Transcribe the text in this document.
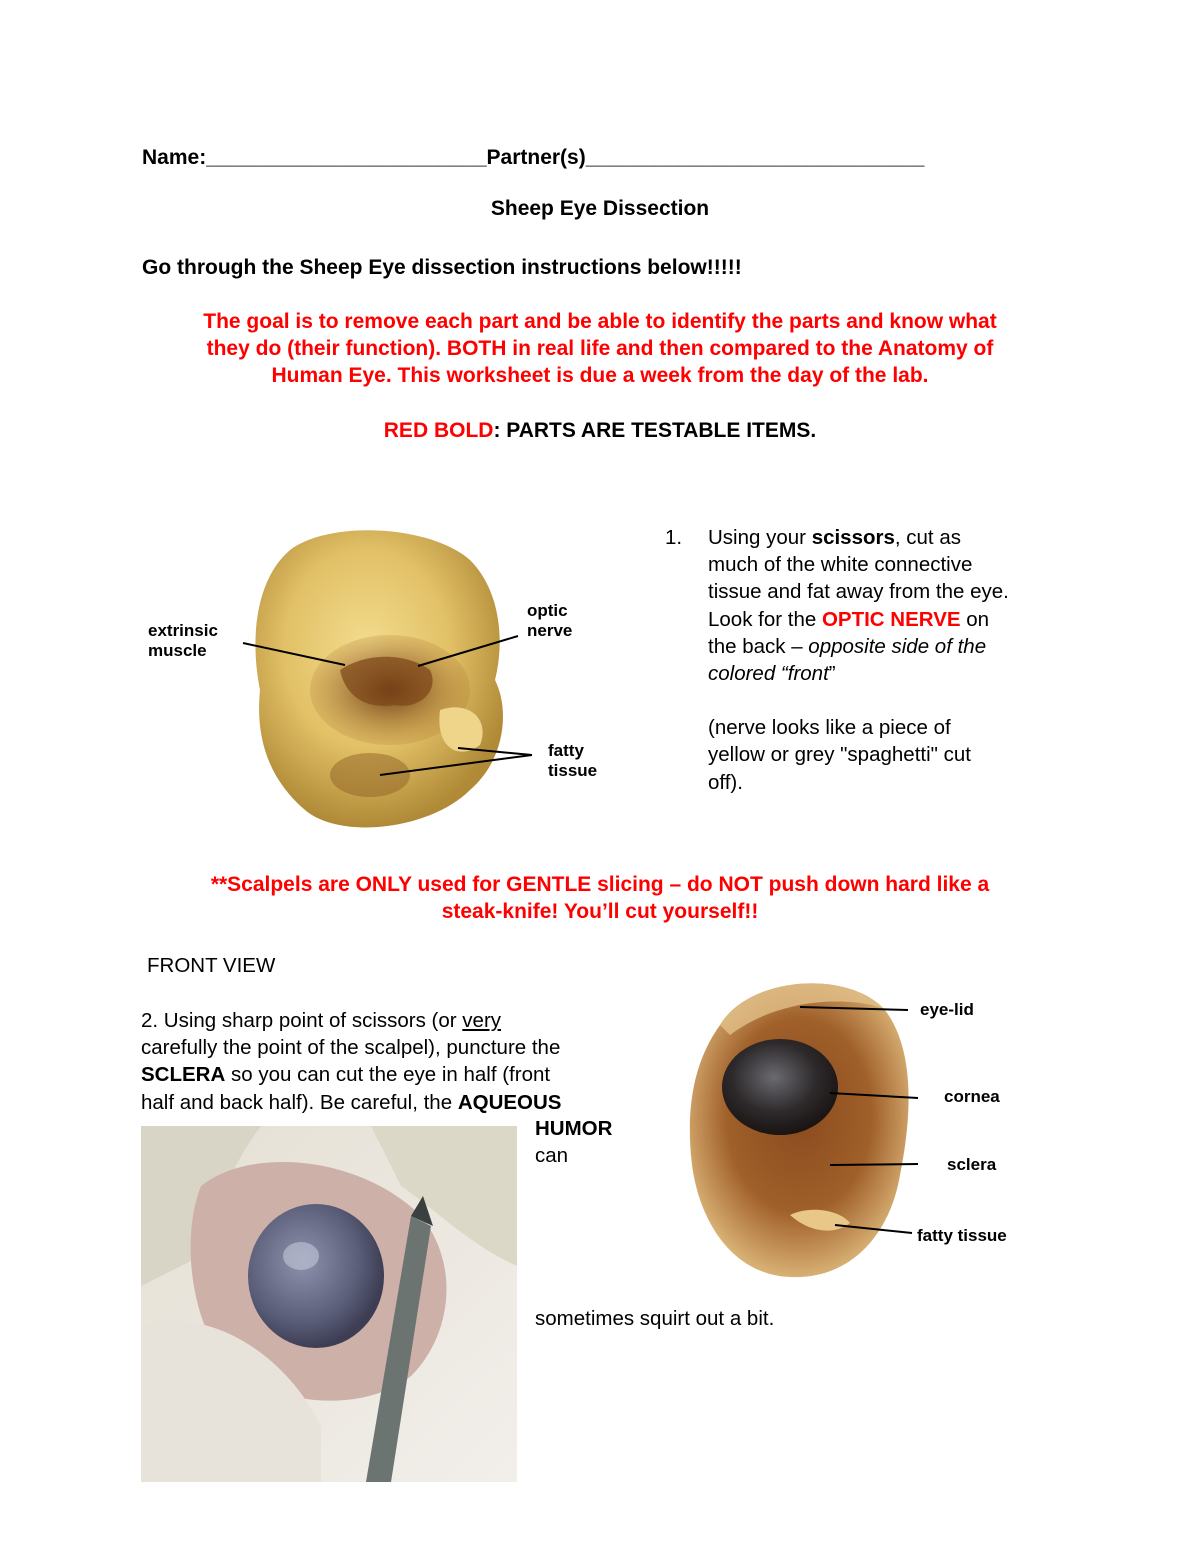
Name:________________________Partner(s)_____________________________
Sheep Eye Dissection
Go through the Sheep Eye dissection instructions below!!!!!
The goal is to remove each part and be able to identify the parts and know what
they do (their function). BOTH in real life and then compared to the Anatomy of
Human Eye. This worksheet is due a week from the day of the lab.
RED BOLD: PARTS ARE TESTABLE ITEMS.
extrinsic
muscle
optic
nerve
fatty
tissue
1.	Using your scissors, cut as
much of the white connective
tissue and fat away from the eye.
Look for the OPTIC NERVE on
the back – opposite side of the
colored “front”
(nerve looks like a piece of
yellow or grey "spaghetti" cut
off).
**Scalpels are ONLY used for GENTLE slicing – do NOT push down hard like a
steak-knife! You’ll cut yourself!!
FRONT VIEW
2. Using sharp point of scissors (or very
carefully the point of the scalpel), puncture the
SCLERA so you can cut the eye in half (front
half and back half). Be careful, the AQUEOUS
HUMOR
can
sometimes squirt out a bit.
eye-lid
cornea
sclera
fatty tissue
